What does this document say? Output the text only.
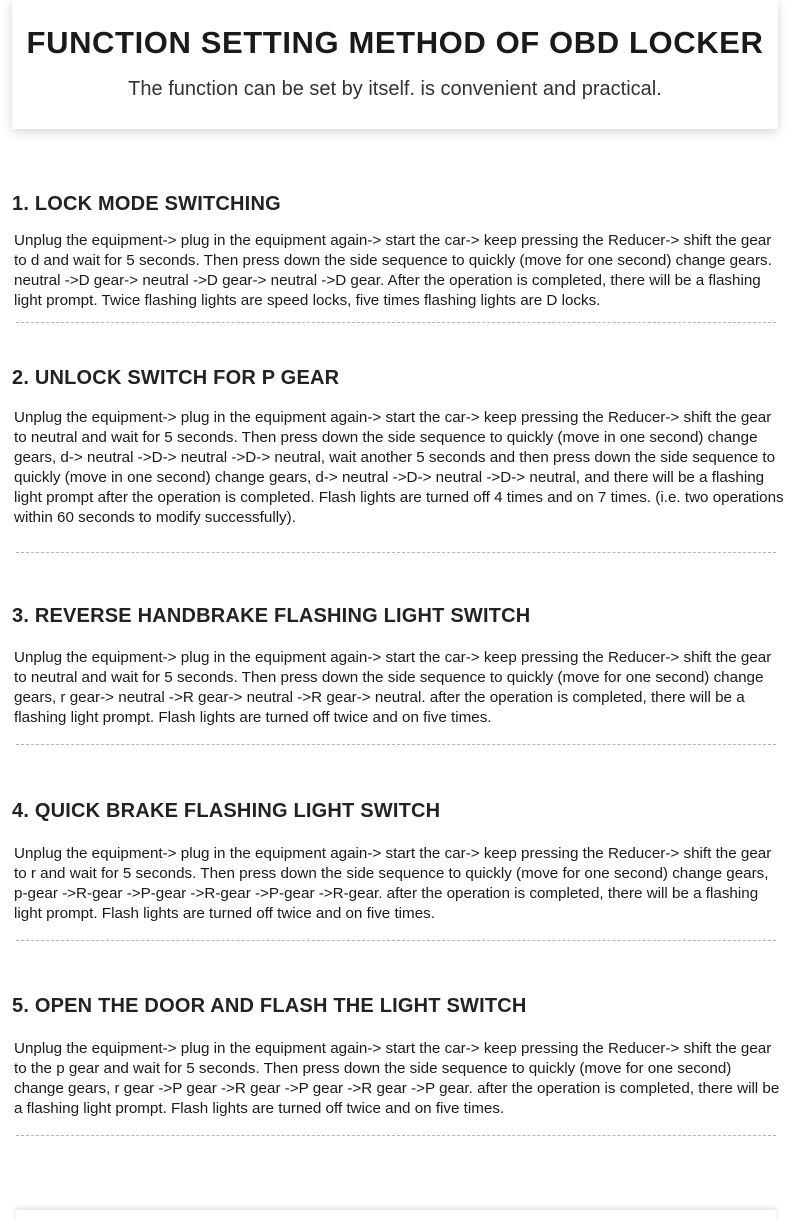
FUNCTION SETTING METHOD OF OBD LOCKER
The function can be set by itself. is convenient and practical.
1. LOCK MODE SWITCHING

Unplug the equipment-> plug in the equipment again-> start the car-> keep pressing the Reducer-> shift the gear to d and wait for 5 seconds. Then press down the side sequence to quickly (move for one second) change gears. neutral ->D gear-> neutral ->D gear-> neutral ->D gear. After the operation is completed, there will be a flashing light prompt. Twice flashing lights are speed locks, five times flashing lights are D locks.

2. UNLOCK SWITCH FOR P GEAR

Unplug the equipment-> plug in the equipment again-> start the car-> keep pressing the Reducer-> shift the gear to neutral and wait for 5 seconds. Then press down the side sequence to quickly (move in one second) change gears, d-> neutral ->D-> neutral ->D-> neutral, wait another 5 seconds and then press down the side sequence to quickly (move in one second) change gears, d-> neutral ->D-> neutral ->D-> neutral, and there will be a flashing light prompt after the operation is completed. Flash lights are turned off 4 times and on 7 times. (i.e. two operations within 60 seconds to modify successfully).

3. REVERSE HANDBRAKE FLASHING LIGHT SWITCH

Unplug the equipment-> plug in the equipment again-> start the car-> keep pressing the Reducer-> shift the gear to neutral and wait for 5 seconds. Then press down the side sequence to quickly (move for one second) change gears, r gear-> neutral ->R gear-> neutral ->R gear-> neutral. after the operation is completed, there will be a flashing light prompt. Flash lights are turned off twice and on five times.

4. QUICK BRAKE FLASHING LIGHT SWITCH

Unplug the equipment-> plug in the equipment again-> start the car-> keep pressing the Reducer-> shift the gear to r and wait for 5 seconds. Then press down the side sequence to quickly (move for one second) change gears, p-gear ->R-gear ->P-gear ->R-gear ->P-gear ->R-gear. after the operation is completed, there will be a flashing light prompt. Flash lights are turned off twice and on five times.

5. OPEN THE DOOR AND FLASH THE LIGHT SWITCH

Unplug the equipment-> plug in the equipment again-> start the car-> keep pressing the Reducer-> shift the gear to the p gear and wait for 5 seconds. Then press down the side sequence to quickly (move for one second) change gears, r gear ->P gear ->R gear ->P gear ->R gear ->P gear. after the operation is completed, there will be a flashing light prompt. Flash lights are turned off twice and on five times.
